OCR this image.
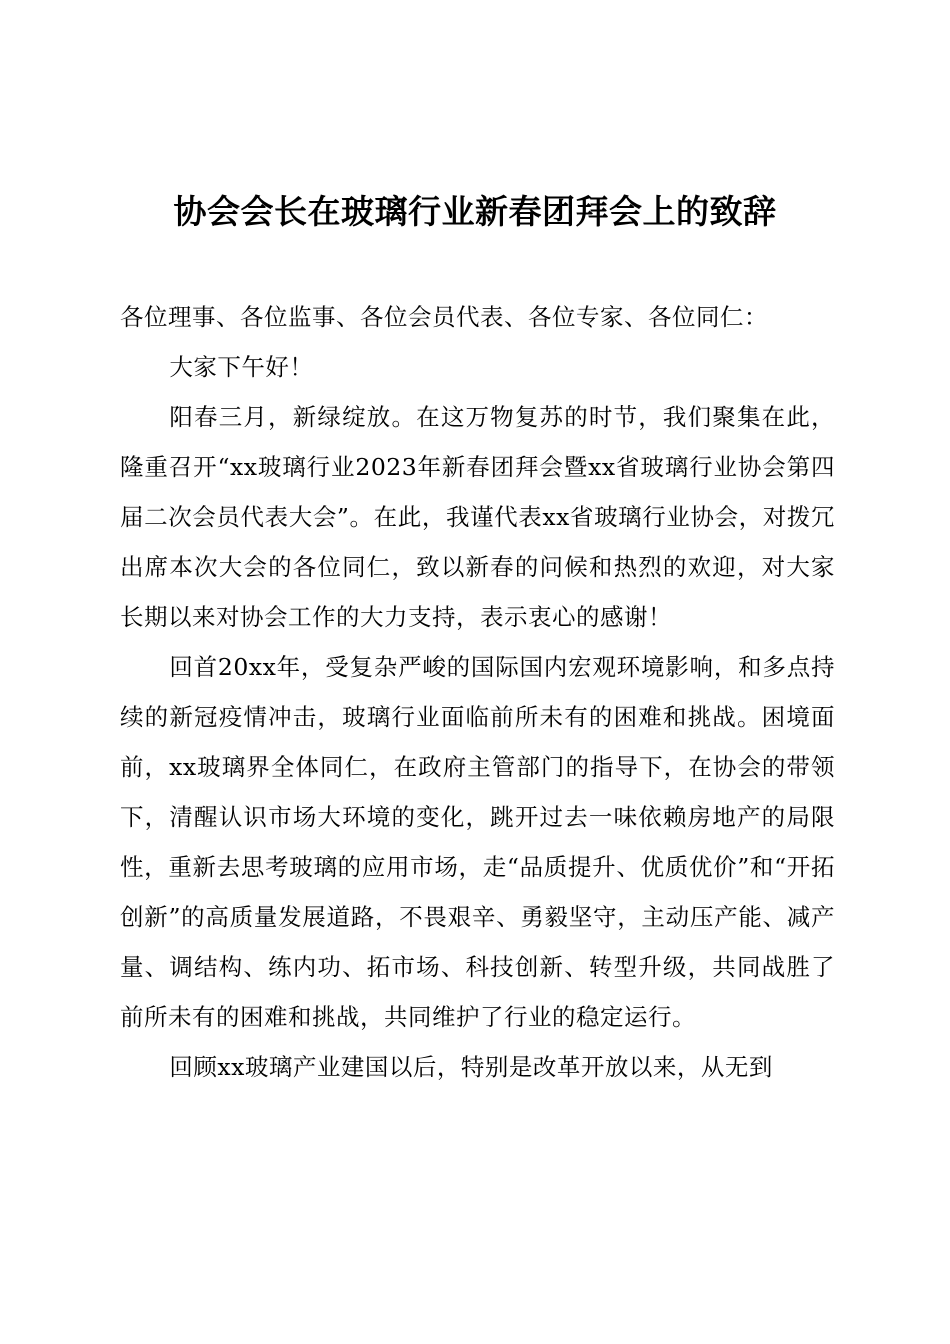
协会会长在玻璃行业新春团拜会上的致辞

各位理事、各位监事、各位会员代表、各位专家、各位同仁：

大家下午好！

阳春三月，新绿绽放。在这万物复苏的时节，我们聚集在此，隆重召开“xx玻璃行业2023年新春团拜会暨xx省玻璃行业协会第四届二次会员代表大会”。在此，我谨代表xx省玻璃行业协会，对拨冗出席本次大会的各位同仁，致以新春的问候和热烈的欢迎，对大家长期以来对协会工作的大力支持，表示衷心的感谢！

回首20xx年，受复杂严峻的国际国内宏观环境影响，和多点持续的新冠疫情冲击，玻璃行业面临前所未有的困难和挑战。困境面前，xx玻璃界全体同仁，在政府主管部门的指导下，在协会的带领下，清醒认识市场大环境的变化，跳开过去一味依赖房地产的局限性，重新去思考玻璃的应用市场，走“品质提升、优质优价”和“开拓创新”的高质量发展道路，不畏艰辛、勇毅坚守，主动压产能、减产量、调结构、练内功、拓市场、科技创新、转型升级，共同战胜了前所未有的困难和挑战，共同维护了行业的稳定运行。

回顾xx玻璃产业建国以后，特别是改革开放以来，从无到
